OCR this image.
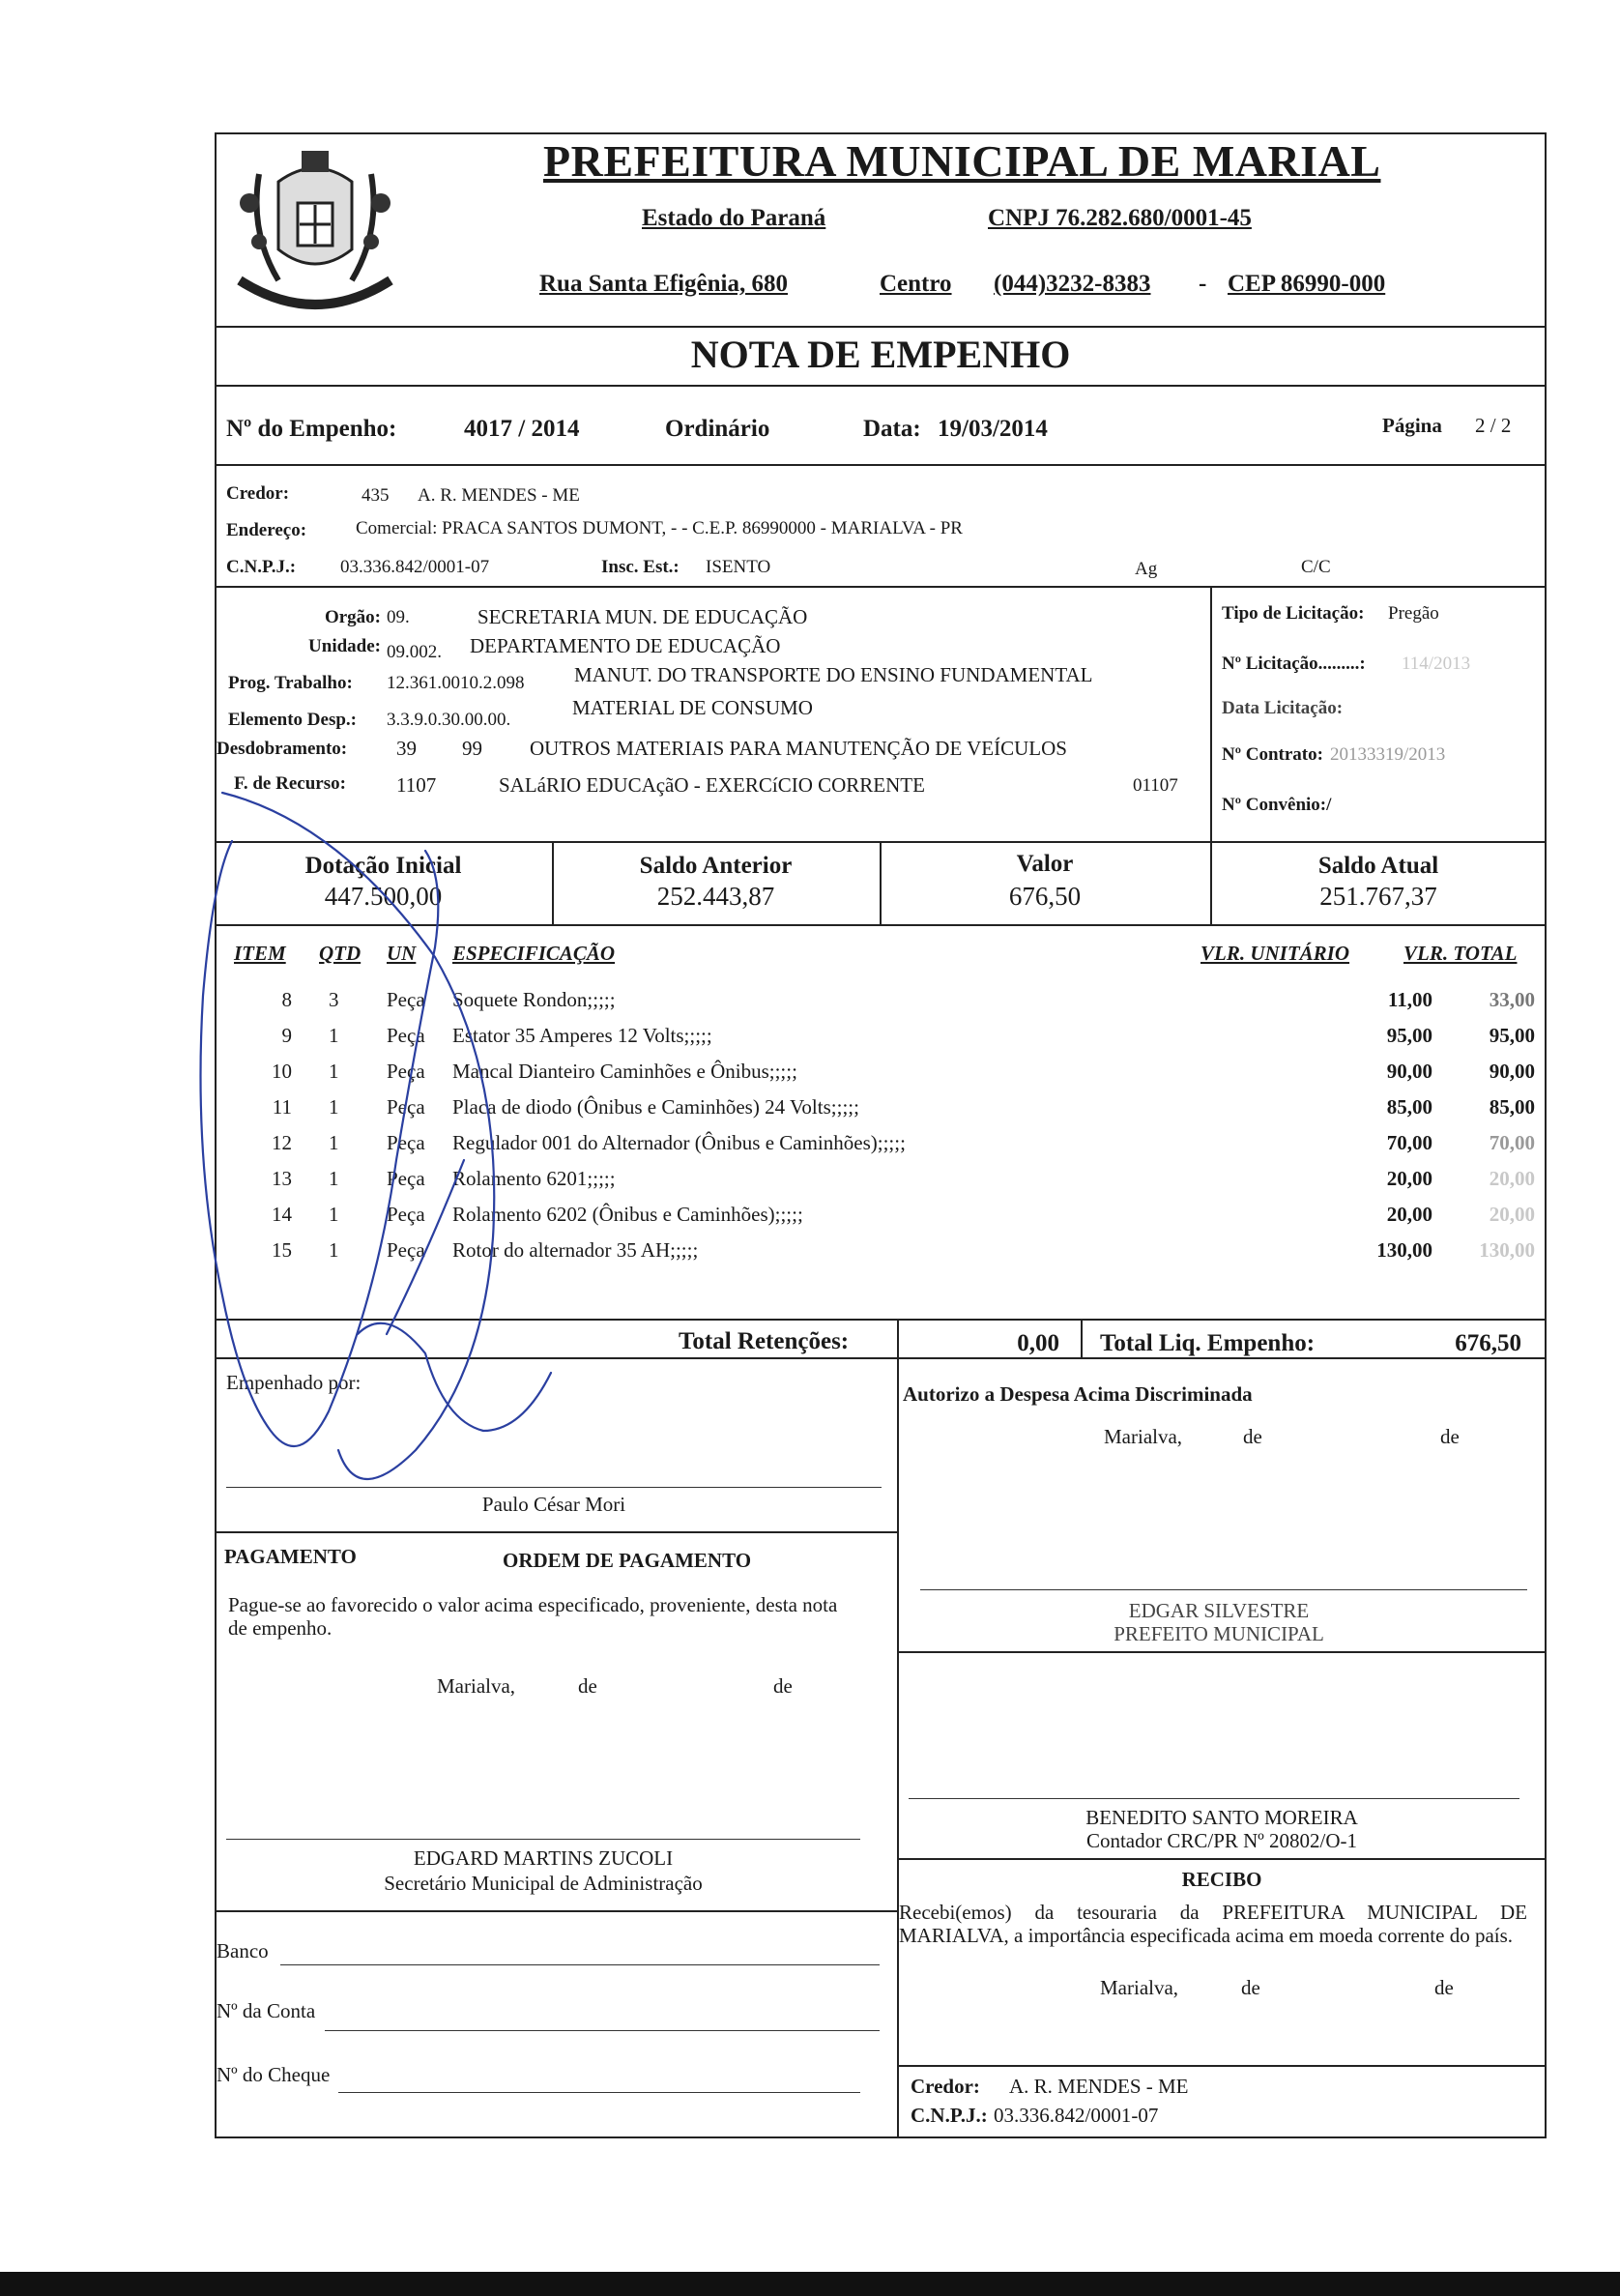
PREFEITURA MUNICIPAL DE MARIAL
Estado do Paraná	CNPJ 76.282.680/0001-45
Rua Santa Efigênia, 680	Centro (044)3232-8383 - CEP 86990-000
NOTA DE EMPENHO
Nº do Empenho:	4017 / 2014	Ordinário	Data: 19/03/2014	Página 2 / 2
Credor:	435 A. R. MENDES - ME
Endereço:	Comercial: PRACA SANTOS DUMONT, - - C.E.P. 86990000 - MARIALVA - PR
C.N.P.J.: 03.336.842/0001-07	Insc. Est.: ISENTO	Ag	C/C
Orgão: 09.	SECRETARIA MUN. DE EDUCAÇÃO
Unidade: 09.002. DEPARTAMENTO DE EDUCAÇÃO
Prog. Trabalho: 12.361.0010.2.098 MANUT. DO TRANSPORTE DO ENSINO FUNDAMENTAL
Elemento Desp.: 3.3.9.0.30.00.00.
MATERIAL DE CONSUMO
Desdobramento: 39 99 OUTROS MATERIAIS PARA MANUTENÇÃO DE VEÍCULOS
F. de Recurso: 1107	SALáRIO EDUCAçãO - EXERCíCIO CORRENTE	01107
Tipo de Licitação: Pregão
Nº Licitação.........: 114/2013
Data Licitação:
Nº Contrato: 20133319/2013
Nº Convênio:/
Dotação Inicial
447.500,00
Saldo Anterior
252.443,87
Valor
676,50
Saldo Atual
251.767,37
ITEM QTD UN ESPECIFICAÇÃO	VLR. UNITÁRIO	VLR. TOTAL
8 3 Peça Soquete Rondon;;;;;	11,00	33,00
9 1 Peça Estator 35 Amperes 12 Volts;;;;;	95,00	95,00
10 1 Peça Mancal Dianteiro Caminhões e Ônibus;;;;;	90,00	90,00
11 1 Peça Placa de diodo (Ônibus e Caminhões) 24 Volts;;;;;	85,00	85,00
12 1 Peça Regulador 001 do Alternador (Ônibus e Caminhões);;;;;	70,00	70,00
13 1 Peça Rolamento 6201;;;;;	20,00	20,00
14 1 Peça Rolamento 6202 (Ônibus e Caminhões);;;;;	20,00	20,00
15 1 Peça Rotor do alternador 35 AH;;;;;	130,00	130,00
Total Retenções:	0,00 Total Liq. Empenho:	676,50
Empenhado por:
Paulo César Mori
Autorizo a Despesa Acima Discriminada
Marialva,	de	de
EDGAR SILVESTRE
PREFEITO MUNICIPAL
PAGAMENTO	ORDEM DE PAGAMENTO
Pague-se ao favorecido o valor acima especificado, proveniente, desta nota de empenho.
Marialva,	de	de
EDGARD MARTINS ZUCOLI
Secretário Municipal de Administração
BENEDITO SANTO MOREIRA
Contador CRC/PR Nº 20802/O-1
RECIBO
Recebi(emos) da tesouraria da PREFEITURA MUNICIPAL DE MARIALVA, a importância especificada acima em moeda corrente do país.
Marialva,	de	de
Credor: A. R. MENDES - ME
C.N.P.J.: 03.336.842/0001-07
Banco
Nº da Conta
Nº do Cheque
